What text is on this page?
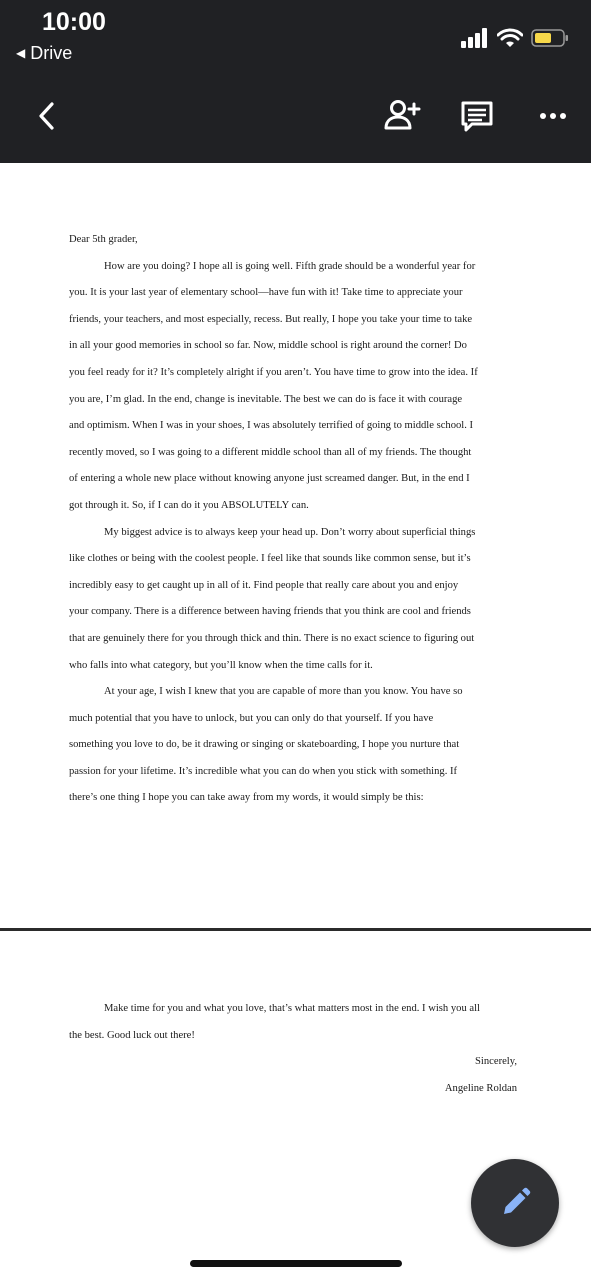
10:00
◀ Drive

Dear 5th grader,

How are you doing? I hope all is going well. Fifth grade should be a wonderful year for

you. It is your last year of elementary school—have fun with it! Take time to appreciate your

friends, your teachers, and most especially, recess. But really, I hope you take your time to take

in all your good memories in school so far. Now, middle school is right around the corner! Do

you feel ready for it? It’s completely alright if you aren’t. You have time to grow into the idea. If

you are, I’m glad. In the end, change is inevitable. The best we can do is face it with courage

and optimism. When I was in your shoes, I was absolutely terrified of going to middle school. I

recently moved, so I was going to a different middle school than all of my friends. The thought

of entering a whole new place without knowing anyone just screamed danger. But, in the end I

got through it. So, if I can do it you ABSOLUTELY can.

My biggest advice is to always keep your head up. Don’t worry about superficial things

like clothes or being with the coolest people. I feel like that sounds like common sense, but it’s

incredibly easy to get caught up in all of it. Find people that really care about you and enjoy

your company. There is a difference between having friends that you think are cool and friends

that are genuinely there for you through thick and thin. There is no exact science to figuring out

who falls into what category, but you’ll know when the time calls for it.

At your age, I wish I knew that you are capable of more than you know. You have so

much potential that you have to unlock, but you can only do that yourself. If you have

something you love to do, be it drawing or singing or skateboarding, I hope you nurture that

passion for your lifetime. It’s incredible what you can do when you stick with something. If

there’s one thing I hope you can take away from my words, it would simply be this:

Make time for you and what you love, that’s what matters most in the end. I wish you all

the best. Good luck out there!

Sincerely,

Angeline Roldan
